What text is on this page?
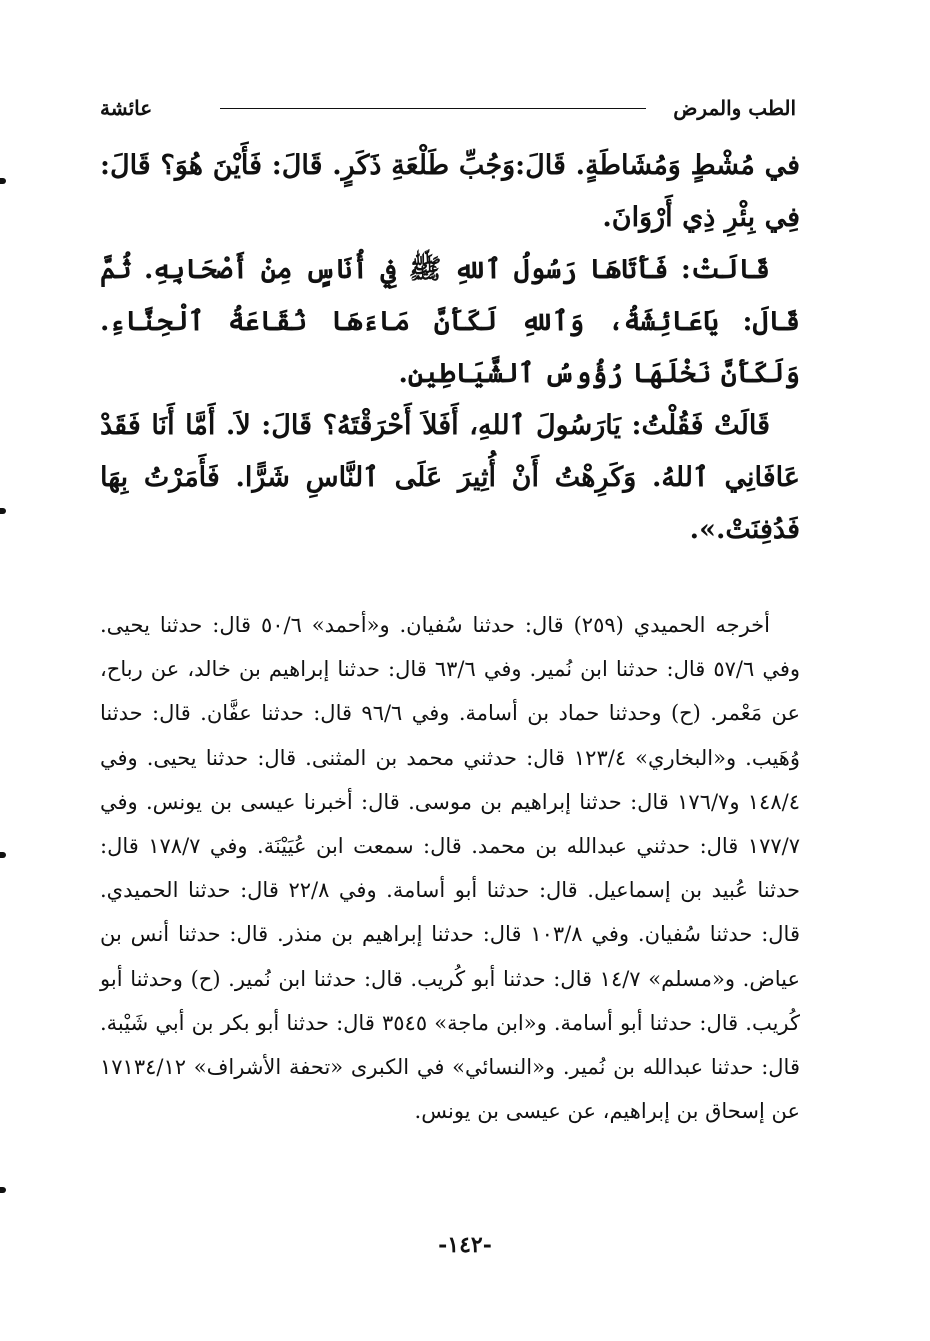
الطب والمرض
عائشة

في مُشْطٍ وَمُشَاطَةٍ. قَالَ:وَجُبِّ طَلْعَةِ ذَكَرٍ. قَالَ: فَأَيْنَ هُوَ؟ قَالَ: فِي بِئْرِ ذِي أَرْوَانَ.

قَالَتْ: فَأَتَاهَا رَسُولُ ٱللهِ ﷺ فِي أُنَاسٍ مِنْ أَصْحَابِهِ. ثُمَّ قَالَ: يَاعَائِشَةُ، وَٱللهِ لَكَأَنَّ مَاءَهَا نُقَاعَةُ ٱلْحِنَّاءِ. وَلَكَأَنَّ نَخْلَهَا رُؤُوسُ ٱلشَّيَاطِينِ.

قَالَتْ فَقُلْتُ: يَارَسُولَ ٱللهِ، أَفَلاَ أَحْرَقْتَهُ؟ قَالَ: لاَ. أَمَّا أَنَا فَقَدْ عَافَانِي ٱللهُ. وَكَرِهْتُ أَنْ أُثِيرَ عَلَى ٱلنَّاسِ شَرًّا. فَأَمَرْتُ بِهَا فَدُفِنَتْ.».

أخرجه الحميدي (٢٥٩) قال: حدثنا سُفيان. و«أحمد» ٥٠/٦ قال: حدثنا يحيى. وفي ٥٧/٦ قال: حدثنا ابن نُمير. وفي ٦٣/٦ قال: حدثنا إبراهيم بن خالد، عن رباح، عن مَعْمر. (ح) وحدثنا حماد بن أسامة. وفي ٩٦/٦ قال: حدثنا عفَّان. قال: حدثنا وُهَيب. و«البخاري» ١٢٣/٤ قال: حدثني محمد بن المثنى. قال: حدثنا يحيى. وفي ١٤٨/٤ و١٧٦/٧ قال: حدثنا إبراهيم بن موسى. قال: أخبرنا عيسى بن يونس. وفي ١٧٧/٧ قال: حدثني عبدالله بن محمد. قال: سمعت ابن عُيَيْنَة. وفي ١٧٨/٧ قال: حدثنا عُبيد بن إسماعيل. قال: حدثنا أبو أسامة. وفي ٢٢/٨ قال: حدثنا الحميدي. قال: حدثنا سُفيان. وفي ١٠٣/٨ قال: حدثنا إبراهيم بن منذر. قال: حدثنا أنس بن عياض. و«مسلم» ١٤/٧ قال: حدثنا أبو كُريب. قال: حدثنا ابن نُمير. (ح) وحدثنا أبو كُريب. قال: حدثنا أبو أسامة. و«ابن ماجة» ٣٥٤٥ قال: حدثنا أبو بكر بن أبي شَيْبة. قال: حدثنا عبدالله بن نُمير. و«النسائي» في الكبرى «تحفة الأشراف» ١٧١٣٤/١٢ عن إسحاق بن إبراهيم، عن عيسى بن يونس.
-١٤٢-
